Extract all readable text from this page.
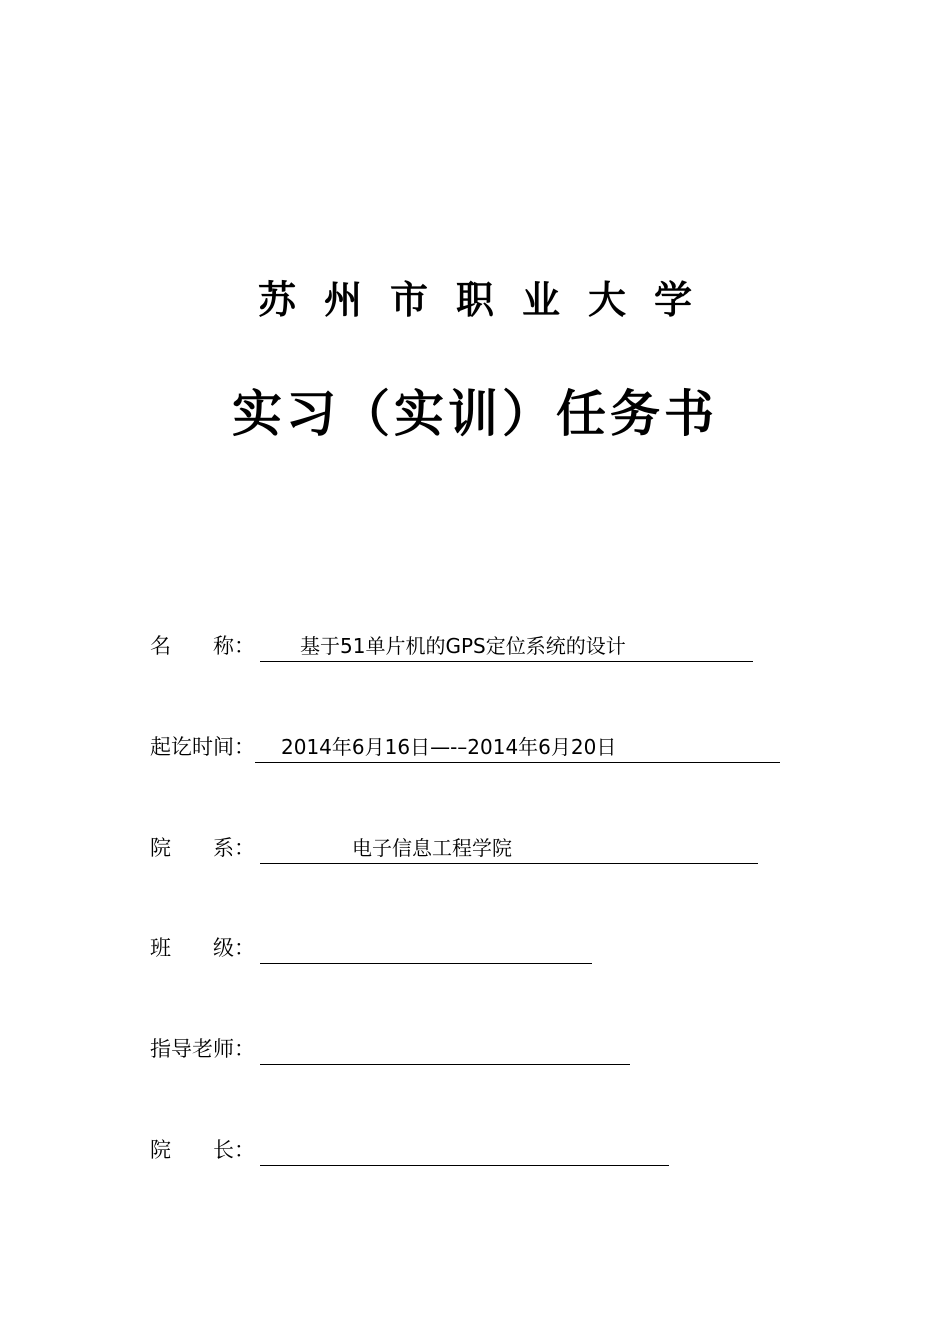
苏州市职业大学
实习（实训）任务书
名　　称： 基于51单片机的GPS定位系统的设计
起讫时间： 2014年6月16日—-–2014年6月20日
院　　系：	电子信息工程学院
班　　级：
指导老师：
院　　长：
